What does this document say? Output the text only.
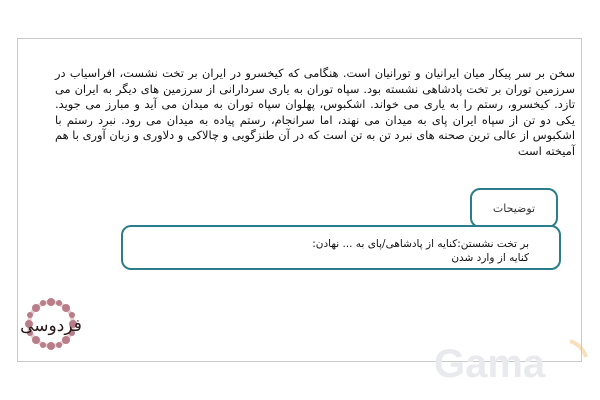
سخن بر سر پیکار میان ایرانیان و تورانیان است. هنگامی که کیخسرو در ایران بر تخت نشست، افراسیاب در سرزمین توران بر تخت پادشاهی نشسته بود. سپاه توران به یاری سردارانی از سرزمین های دیگر به ایران می تازد. کیخسرو، رستم را به یاری می خواند. اشکبوس، پهلوان سپاه توران به میدان می آید و مبارز می جوید. یکی دو تن از سپاه ایران پای به میدان می نهند، اما سرانجام، رستم پیاده به میدان می رود. نبرد رستم با اشکبوس از عالی ترین صحنه های نبرد تن به تن است که در آن طنزگویی و چالاکی و دلاوری و زبان آوری با هم آمیخته است

توضیحات

بر تخت نشستن:کنایه از پادشاهی/پای به ... نهادن: کنایه از وارد شدن

فردوسی
Gama
